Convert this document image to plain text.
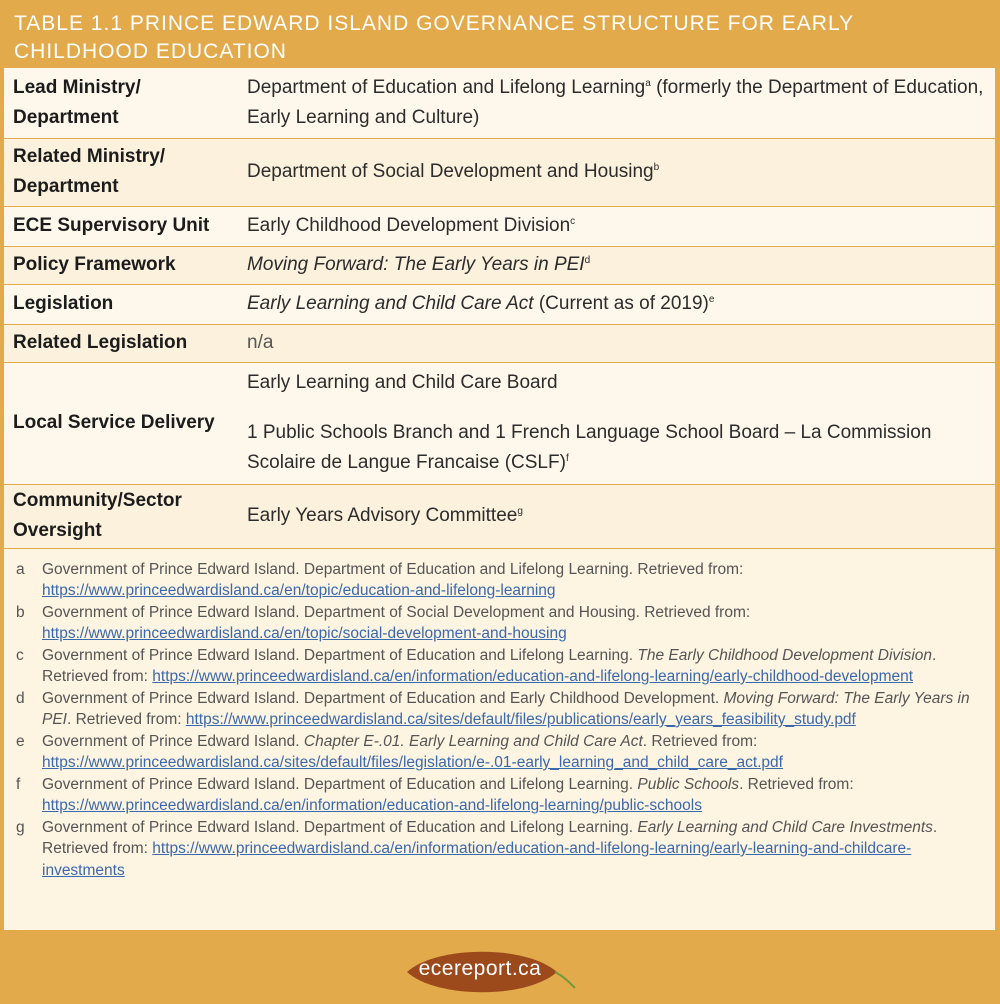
TABLE 1.1 PRINCE EDWARD ISLAND GOVERNANCE STRUCTURE FOR EARLY
CHILDHOOD EDUCATION
Lead Ministry/ Department	Department of Education and Lifelong Learning$^a$ (formerly the Department of Education, Early Learning and Culture)
Related Ministry/ Department	Department of Social Development and Housing$^b$
ECE Supervisory Unit	Early Childhood Development Division$^c$
Policy Framework	Moving Forward: The Early Years in PEI$^d$
Legislation	Early Learning and Child Care Act (Current as of 2019)$^e$
Related Legislation	n/a
Local Service Delivery	Early Learning and Child Care Board
1 Public Schools Branch and 1 French Language School Board – La Commission Scolaire de Langue Francaise (CSLF)$^f$

Community/Sector Oversight	Early Years Advisory Committee$^g$
a	Government of Prince Edward Island. Department of Education and Lifelong Learning. Retrieved from: https://www.princeedwardisland.ca/en/topic/education-and-lifelong-learning
b	Government of Prince Edward Island. Department of Social Development and Housing. Retrieved from: https://www.princeedwardisland.ca/en/topic/social-development-and-housing
c	Government of Prince Edward Island. Department of Education and Lifelong Learning. The Early Childhood Development Division. Retrieved from: https://www.princeedwardisland.ca/en/information/education-and-lifelong-learning/early-childhood-development
d	Government of Prince Edward Island. Department of Education and Early Childhood Development. Moving Forward: The Early Years in PEI. Retrieved from: https://www.princeedwardisland.ca/sites/default/files/publications/early_years_feasibility_study.pdf
e	Government of Prince Edward Island. Chapter E-.01. Early Learning and Child Care Act. Retrieved from: https://www.princeedwardisland.ca/sites/default/files/legislation/e-.01-early_learning_and_child_care_act.pdf
f	Government of Prince Edward Island. Department of Education and Lifelong Learning. Public Schools. Retrieved from: https://www.princeedwardisland.ca/en/information/education-and-lifelong-learning/public-schools
g	Government of Prince Edward Island. Department of Education and Lifelong Learning. Early Learning and Child Care Investments. Retrieved from: https://www.princeedwardisland.ca/en/information/education-and-lifelong-learning/early-learning-and-childcare-investments
ecereport.ca
